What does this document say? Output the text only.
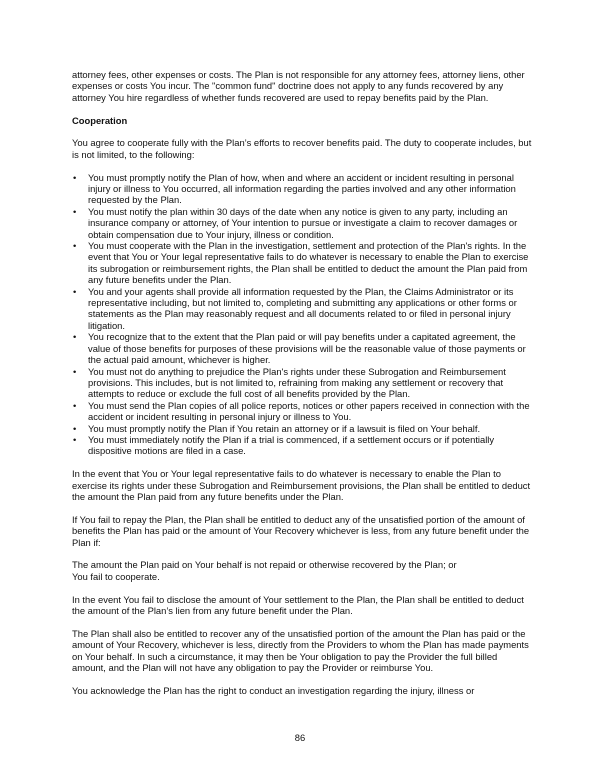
attorney fees, other expenses or costs. The Plan is not responsible for any attorney fees, attorney liens, other expenses or costs You incur. The "common fund" doctrine does not apply to any funds recovered by any attorney You hire regardless of whether funds recovered are used to repay benefits paid by the Plan.

Cooperation

You agree to cooperate fully with the Plan’s efforts to recover benefits paid. The duty to cooperate includes, but is not limited, to the following:

• You must promptly notify the Plan of how, when and where an accident or incident resulting in personal injury or illness to You occurred, all information regarding the parties involved and any other information requested by the Plan.
• You must notify the plan within 30 days of the date when any notice is given to any party, including an insurance company or attorney, of Your intention to pursue or investigate a claim to recover damages or obtain compensation due to Your injury, illness or condition.
• You must cooperate with the Plan in the investigation, settlement and protection of the Plan's rights. In the event that You or Your legal representative fails to do whatever is necessary to enable the Plan to exercise its subrogation or reimbursement rights, the Plan shall be entitled to deduct the amount the Plan paid from any future benefits under the Plan.
• You and your agents shall provide all information requested by the Plan, the Claims Administrator or its representative including, but not limited to, completing and submitting any applications or other forms or statements as the Plan may reasonably request and all documents related to or filed in personal injury litigation.
• You recognize that to the extent that the Plan paid or will pay benefits under a capitated agreement, the value of those benefits for purposes of these provisions will be the reasonable value of those payments or the actual paid amount, whichever is higher.
• You must not do anything to prejudice the Plan's rights under these Subrogation and Reimbursement provisions. This includes, but is not limited to, refraining from making any settlement or recovery that attempts to reduce or exclude the full cost of all benefits provided by the Plan.
• You must send the Plan copies of all police reports, notices or other papers received in connection with the accident or incident resulting in personal injury or illness to You.
• You must promptly notify the Plan if You retain an attorney or if a lawsuit is filed on Your behalf.
• You must immediately notify the Plan if a trial is commenced, if a settlement occurs or if potentially dispositive motions are filed in a case.

In the event that You or Your legal representative fails to do whatever is necessary to enable the Plan to exercise its rights under these Subrogation and Reimbursement provisions, the Plan shall be entitled to deduct the amount the Plan paid from any future benefits under the Plan.

If You fail to repay the Plan, the Plan shall be entitled to deduct any of the unsatisfied portion of the amount of benefits the Plan has paid or the amount of Your Recovery whichever is less, from any future benefit under the Plan if:

The amount the Plan paid on Your behalf is not repaid or otherwise recovered by the Plan; or

You fail to cooperate.

In the event You fail to disclose the amount of Your settlement to the Plan, the Plan shall be entitled to deduct the amount of the Plan’s lien from any future benefit under the Plan.

The Plan shall also be entitled to recover any of the unsatisfied portion of the amount the Plan has paid or the amount of Your Recovery, whichever is less, directly from the Providers to whom the Plan has made payments on Your behalf. In such a circumstance, it may then be Your obligation to pay the Provider the full billed amount, and the Plan will not have any obligation to pay the Provider or reimburse You.

You acknowledge the Plan has the right to conduct an investigation regarding the injury, illness or

86
